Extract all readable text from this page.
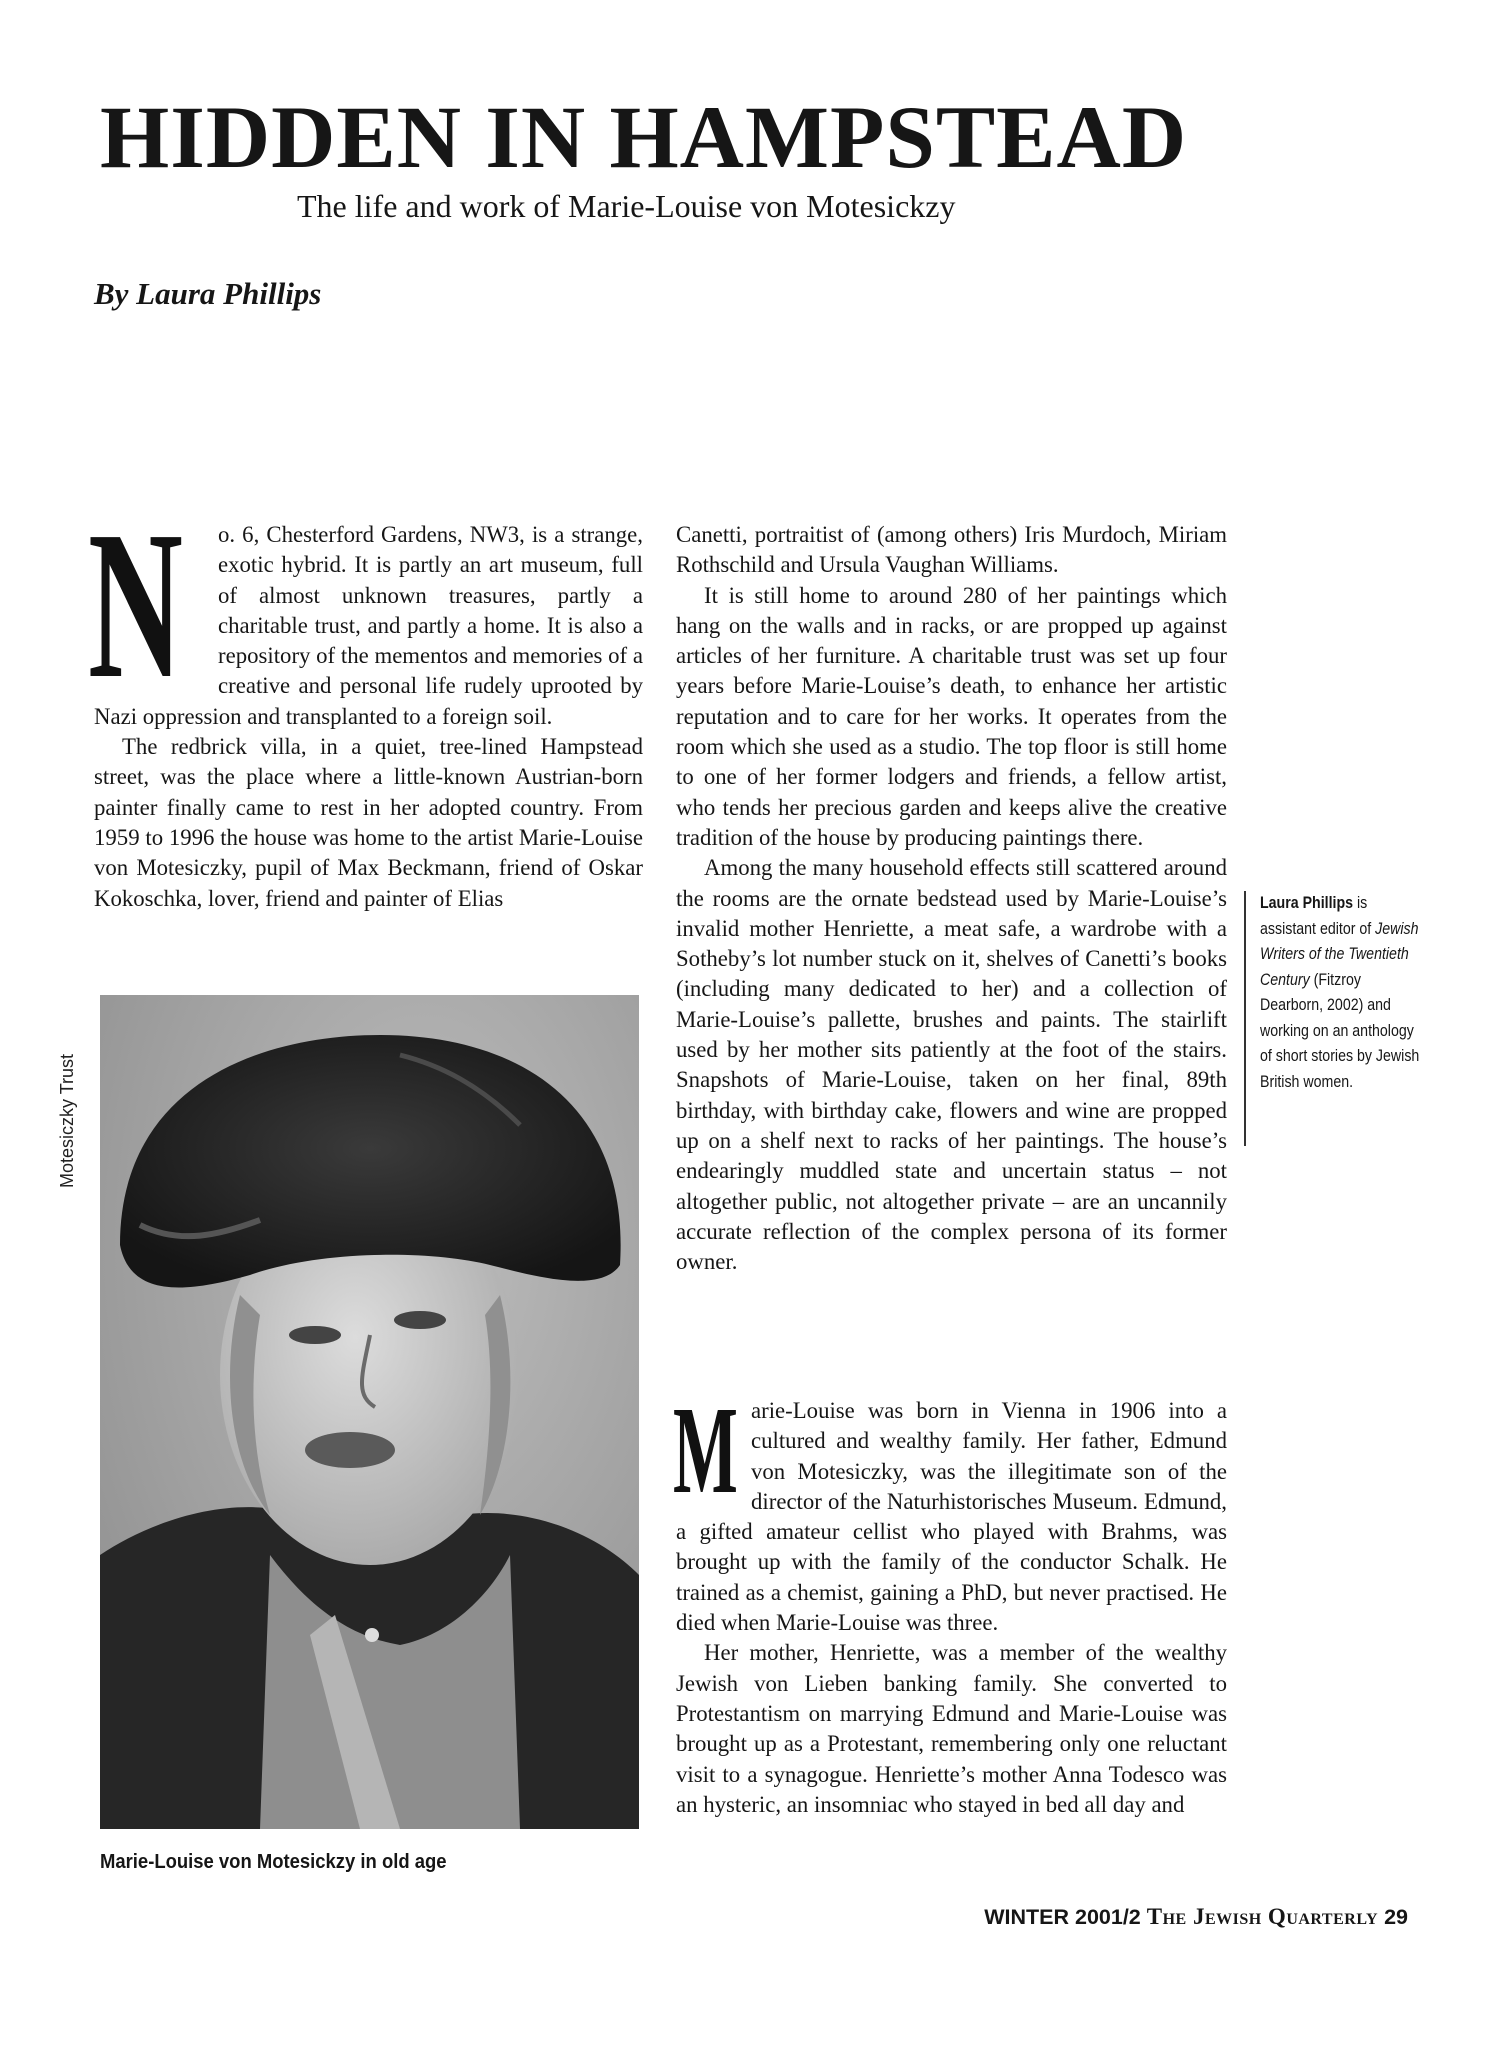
HIDDEN IN HAMPSTEAD

The life and work of Marie-Louise von Motesickzy

By Laura Phillips

N o. 6, Chesterford Gardens, NW3, is a strange, exotic hybrid. It is partly an art museum, full of almost unknown treasures, partly a charitable trust, and partly a home. It is also a repository of the mementos and memories of a creative and personal life rudely uprooted by Nazi oppression and transplanted to a foreign soil.

The redbrick villa, in a quiet, tree-lined Hampstead street, was the place where a little-known Austrian-born painter finally came to rest in her adopted country. From 1959 to 1996 the house was home to the artist Marie-Louise von Motesiczky, pupil of Max Beckmann, friend of Oskar Kokoschka, lover, friend and painter of Elias

Marie-Louise von Motesickzy in old age

Motesiczky Trust

Canetti, portraitist of (among others) Iris Murdoch, Miriam Rothschild and Ursula Vaughan Williams.

It is still home to around 280 of her paintings which hang on the walls and in racks, or are propped up against articles of her furniture. A charitable trust was set up four years before Marie-Louise’s death, to enhance her artistic reputation and to care for her works. It operates from the room which she used as a studio. The top floor is still home to one of her former lodgers and friends, a fellow artist, who tends her precious garden and keeps alive the creative tradition of the house by producing paintings there.

Among the many household effects still scattered around the rooms are the ornate bedstead used by Marie-Louise’s invalid mother Henriette, a meat safe, a wardrobe with a Sotheby’s lot number stuck on it, shelves of Canetti’s books (including many dedicated to her) and a collection of Marie-Louise’s pallette, brushes and paints. The stairlift used by her mother sits patiently at the foot of the stairs. Snapshots of Marie-Louise, taken on her final, 89th birthday, with birthday cake, flowers and wine are propped up on a shelf next to racks of her paintings. The house’s endearingly muddled state and uncertain status – not altogether public, not altogether private – are an uncannily accurate reflection of the complex persona of its former owner.

Marie-Louise was born in Vienna in 1906 into a cultured and wealthy family. Her father, Edmund von Motesiczky, was the illegitimate son of the director of the Naturhistorisches Museum. Edmund, a gifted amateur cellist who played with Brahms, was brought up with the family of the conductor Schalk. He trained as a chemist, gaining a PhD, but never practised. He died when Marie-Louise was three.

Her mother, Henriette, was a member of the wealthy Jewish von Lieben banking family. She converted to Protestantism on marrying Edmund and Marie-Louise was brought up as a Protestant, remembering only one reluctant visit to a synagogue. Henriette’s mother Anna Todesco was an hysteric, an insomniac who stayed in bed all day and

Laura Phillips is assistant editor of Jewish Writers of the Twentieth Century (Fitzroy Dearborn, 2002) and working on an anthology of short stories by Jewish British women.

WINTER 2001/2 The Jewish Quarterly 29
